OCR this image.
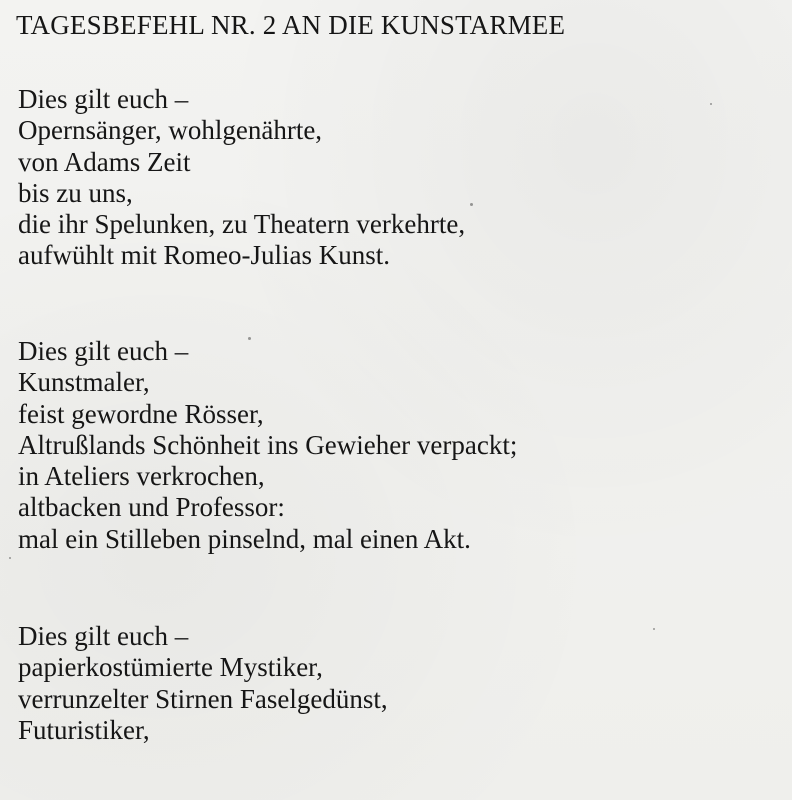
TAGESBEFEHL NR. 2 AN DIE KUNSTARMEE
Dies gilt euch –
Opernsänger, wohlgenährte,
von Adams Zeit
bis zu uns,
die ihr Spelunken, zu Theatern verkehrte,
aufwühlt mit Romeo-Julias Kunst.
Dies gilt euch –
Kunstmaler,
feist gewordne Rösser,
Altrußlands Schönheit ins Gewieher verpackt;
in Ateliers verkrochen,
altbacken und Professor:
mal ein Stilleben pinselnd, mal einen Akt.
Dies gilt euch –
papierkostümierte Mystiker,
verrunzelter Stirnen Faselgedünst,
Futuristiker,
